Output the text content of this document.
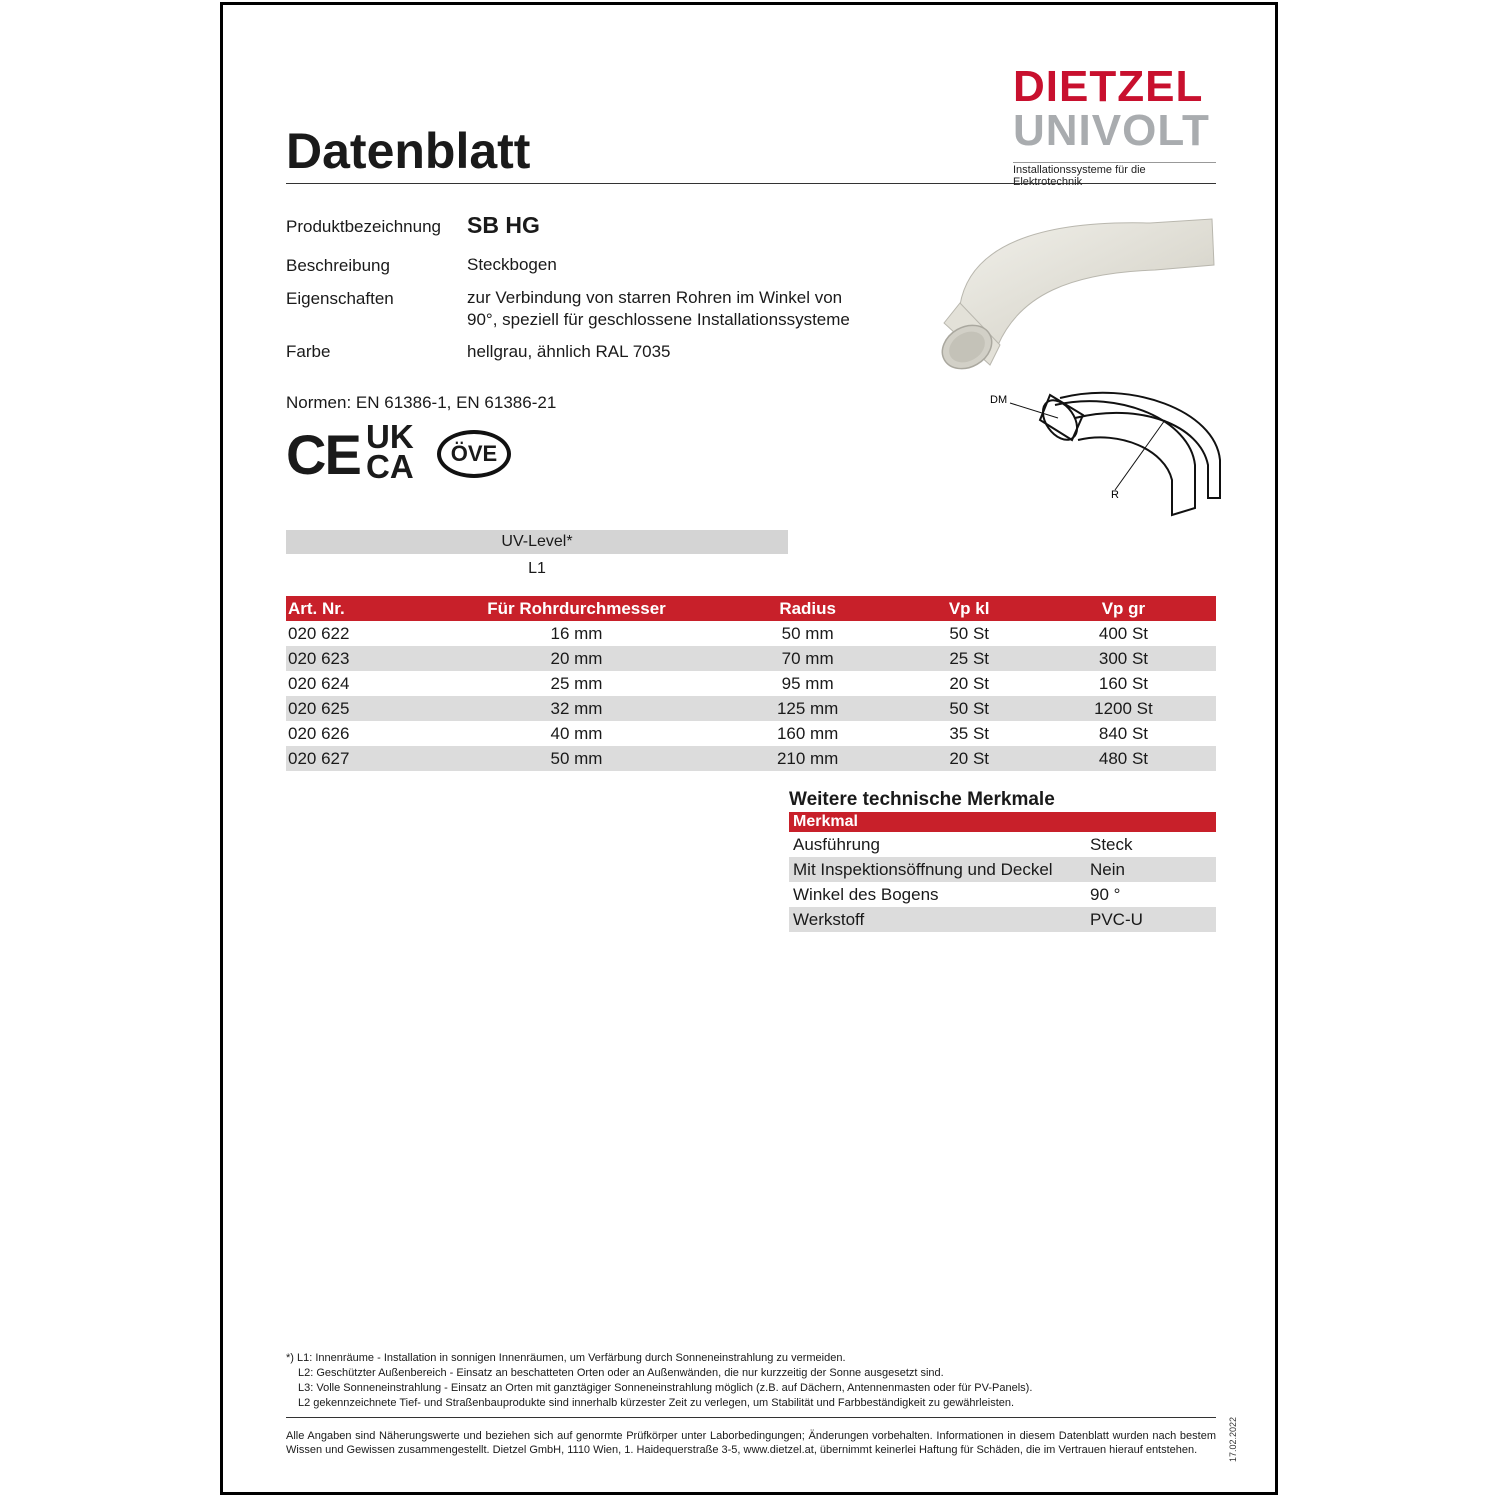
Datenblatt
DIETZEL
UNIVOLT
Installationssysteme für die Elektrotechnik
Produktbezeichnung SB HG
Beschreibung	Steckbogen
Eigenschaften	zur Verbindung von starren Rohren im Winkel von
90°, speziell für geschlossene Installationssysteme
Farbe	hellgrau, ähnlich RAL 7035
Normen: EN 61386-1, EN 61386-21
CE UK
CA	ÖVE
DM
R
UV-Level*
L1
Art. Nr.	Für Rohrdurchmesser	Radius	Vp kl	Vp gr
020 622	16 mm	50 mm	50 St	400 St
020 623	20 mm	70 mm	25 St	300 St
020 624	25 mm	95 mm	20 St	160 St
020 625	32 mm	125 mm	50 St	1200 St
020 626	40 mm	160 mm	35 St	840 St
020 627	50 mm	210 mm	20 St	480 St
Weitere technische Merkmale
Merkmal	
Ausführung	Steck
Mit Inspektionsöffnung und Deckel	Nein
Winkel des Bogens	90 °
Werkstoff	PVC-U

*) L1: Innenräume - Installation in sonnigen Innenräumen, um Verfärbung durch Sonneneinstrahlung zu vermeiden.

L2: Geschützter Außenbereich - Einsatz an beschatteten Orten oder an Außenwänden, die nur kurzzeitig der Sonne ausgesetzt sind.

L3: Volle Sonneneinstrahlung - Einsatz an Orten mit ganztägiger Sonneneinstrahlung möglich (z.B. auf Dächern, Antennenmasten oder für PV-Panels).

L2 gekennzeichnete Tief- und Straßenbauprodukte sind innerhalb kürzester Zeit zu verlegen, um Stabilität und Farbbeständigkeit zu gewährleisten.

Alle Angaben sind Näherungswerte und beziehen sich auf genormte Prüfkörper unter Laborbedingungen; Änderungen vorbehalten. Informationen in diesem Datenblatt wurden nach bestem Wissen und Gewissen zusammengestellt. Dietzel GmbH, 1110 Wien, 1. Haidequerstraße 3-5, www.dietzel.at, übernimmt keinerlei Haftung für Schäden, die im Vertrauen hierauf entstehen.	17.02.2022
